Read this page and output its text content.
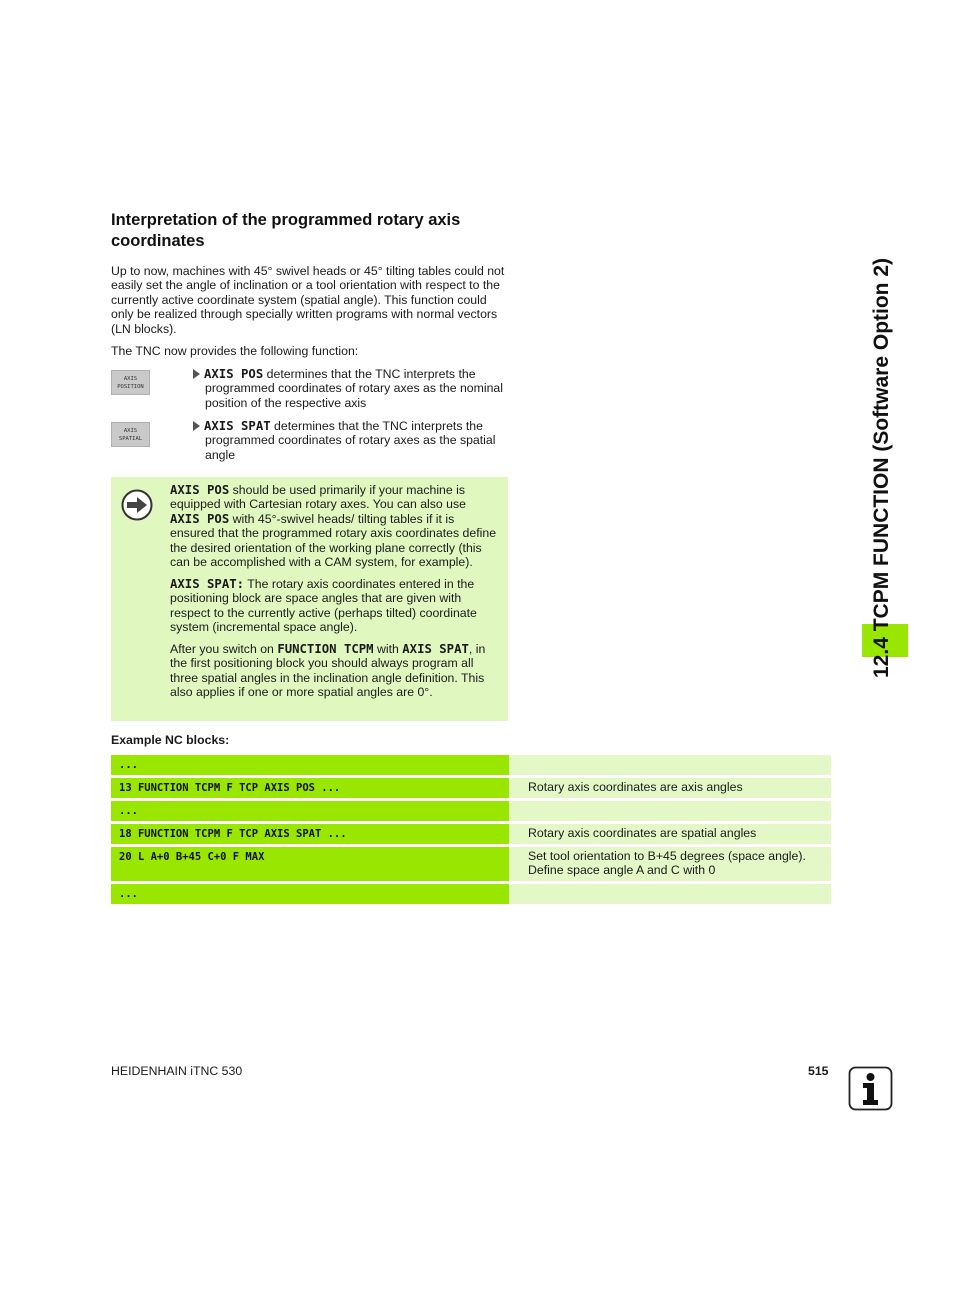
12.4 TCPM FUNCTION (Software Option 2)
Interpretation of the programmed rotary axis coordinates
Up to now, machines with 45° swivel heads or 45° tilting tables could not easily set the angle of inclination or a tool orientation with respect to the currently active coordinate system (spatial angle). This function could only be realized through specially written programs with normal vectors (LN blocks).
The TNC now provides the following function:
AXIS
POSITION
AXIS POS determines that the TNC interprets the
programmed coordinates of rotary axes as the nominal position of the respective axis
AXIS
SPATIAL
AXIS SPAT determines that the TNC interprets the
programmed coordinates of rotary axes as the spatial angle

AXIS POS should be used primarily if your machine is equipped with Cartesian rotary axes. You can also use AXIS POS with 45°-swivel heads/ tilting tables if it is ensured that the programmed rotary axis coordinates define the desired orientation of the working plane correctly (this can be accomplished with a CAM system, for example).

AXIS SPAT: The rotary axis coordinates entered in the positioning block are space angles that are given with respect to the currently active (perhaps tilted) coordinate system (incremental space angle).

After you switch on FUNCTION TCPM with AXIS SPAT, in the first positioning block you should always program all three spatial angles in the inclination angle definition. This also applies if one or more spatial angles are 0°.

Example NC blocks:
...
13 FUNCTION TCPM F TCP AXIS POS ...	Rotary axis coordinates are axis angles
...
18 FUNCTION TCPM F TCP AXIS SPAT ...	Rotary axis coordinates are spatial angles
20 L A+0 B+45 C+0 F MAX	Set tool orientation to B+45 degrees (space angle). Define space angle A and C with 0
...
HEIDENHAIN iTNC 530	515
